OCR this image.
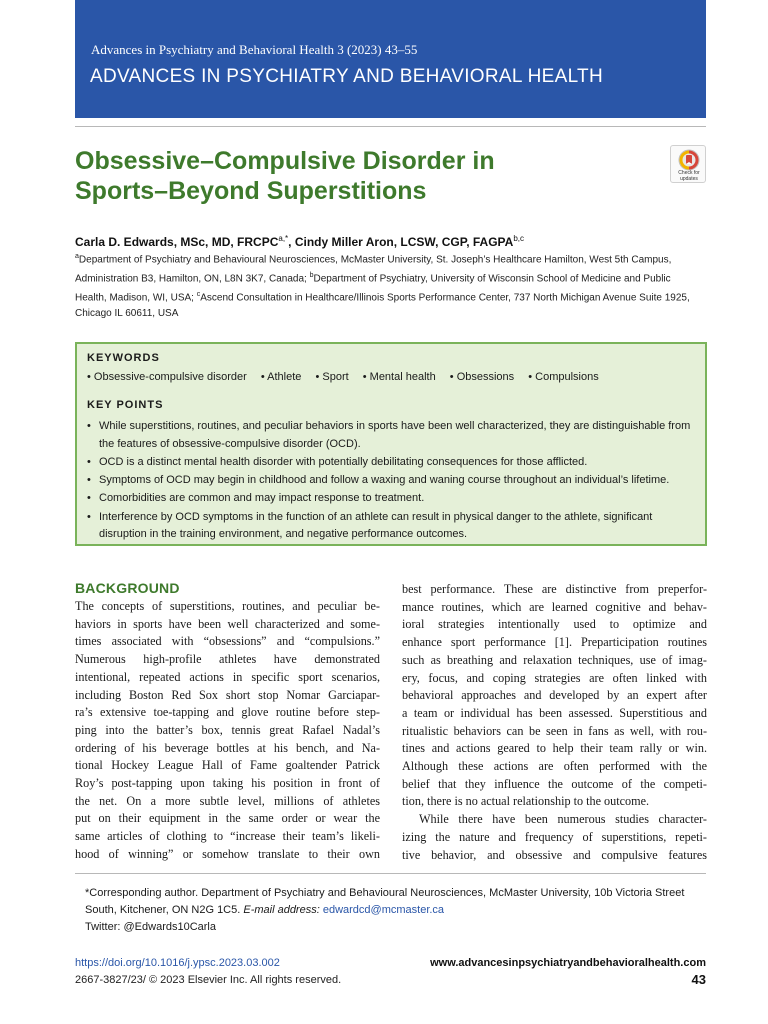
Advances in Psychiatry and Behavioral Health 3 (2023) 43–55
ADVANCES IN PSYCHIATRY AND BEHAVIORAL HEALTH
Obsessive–Compulsive Disorder in
Sports–Beyond Superstitions
Check for updates
Carla D. Edwards, MSc, MD, $FRCPC^{a,*}$, Cindy Miller Aron, LCSW, CGP, FAGPA$^{b,c}$
$^a$Department of Psychiatry and Behavioural Neurosciences, McMaster University, St. Joseph’s Healthcare Hamilton, West 5th Campus,
Administration B3, Hamilton, ON, L8N 3K7, Canada; $^b$Department of Psychiatry, University of Wisconsin School of Medicine and Public
Health, Madison, WI, USA; $^c$Ascend Consultation in Healthcare/Illinois Sports Performance Center, 737 North Michigan Avenue Suite 1925,
Chicago IL 60611, USA
KEYWORDS
• Obsessive-compulsive disorder • Athlete • Sport • Mental health • Obsessions • Compulsions
KEY POINTS
• While superstitions, routines, and peculiar behaviors in sports have been well characterized, they are distinguishable from
the features of obsessive-compulsive disorder (OCD).
• OCD is a distinct mental health disorder with potentially debilitating consequences for those afflicted.
• Symptoms of OCD may begin in childhood and follow a waxing and waning course throughout an individual’s lifetime.
• Comorbidities are common and may impact response to treatment.
• Interference by OCD symptoms in the function of an athlete can result in physical danger to the athlete, significant
disruption in the training environment, and negative performance outcomes.
BACKGROUND
The concepts of superstitions, routines, and peculiar be-
haviors in sports have been well characterized and some-
times associated with “obsessions” and “compulsions.”
Numerous high-profile athletes have demonstrated
intentional, repeated actions in specific sport scenarios,
including Boston Red Sox short stop Nomar Garciapar-
ra’s extensive toe-tapping and glove routine before step-
ping into the batter’s box, tennis great Rafael Nadal’s
ordering of his beverage bottles at his bench, and Na-
tional Hockey League Hall of Fame goaltender Patrick
Roy’s post-tapping upon taking his position in front of
the net. On a more subtle level, millions of athletes
put on their equipment in the same order or wear the
same articles of clothing to “increase their team’s likeli-
hood of winning” or somehow translate to their own
best performance. These are distinctive from preperfor-
mance routines, which are learned cognitive and behav-
ioral strategies intentionally used to optimize and
enhance sport performance [1]. Preparticipation routines
such as breathing and relaxation techniques, use of imag-
ery, focus, and coping strategies are often linked with
behavioral approaches and developed by an expert after
a team or individual has been assessed. Superstitious and
ritualistic behaviors can be seen in fans as well, with rou-
tines and actions geared to help their team rally or win.
Although these actions are often performed with the
belief that they influence the outcome of the competi-
tion, there is no actual relationship to the outcome.
While there have been numerous studies character-
izing the nature and frequency of superstitions, repeti-
tive behavior, and obsessive and compulsive features
*Corresponding author. Department of Psychiatry and Behavioural Neurosciences, McMaster University, 10b Victoria Street
South, Kitchener, ON N2G 1C5. E-mail address: edwardcd@mcmaster.ca
Twitter: @Edwards10Carla
https://doi.org/10.1016/j.ypsc.2023.03.002
2667-3827/23/ © 2023 Elsevier Inc. All rights reserved.
www.advancesinpsychiatryandbehavioralhealth.com
43
